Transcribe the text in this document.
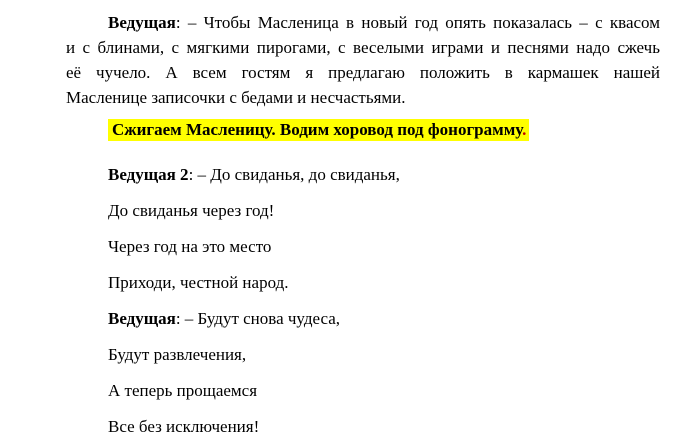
Ведущая: – Чтобы Масленица в новый год опять показалась – с квасом
и с блинами, с мягкими пирогами, с веселыми играми и песнями надо сжечь
её чучело. А всем гостям я предлагаю положить в кармашек нашей
Масленице записочки с бедами и несчастьями.

Сжигаем Масленицу. Водим хоровод под фонограмму.

Ведущая 2: – До свиданья, до свиданья,

До свиданья через год!

Через год на это место

Приходи, честной народ.

Ведущая: – Будут снова чудеса,

Будут развлечения,

А теперь прощаемся

Все без исключения!
